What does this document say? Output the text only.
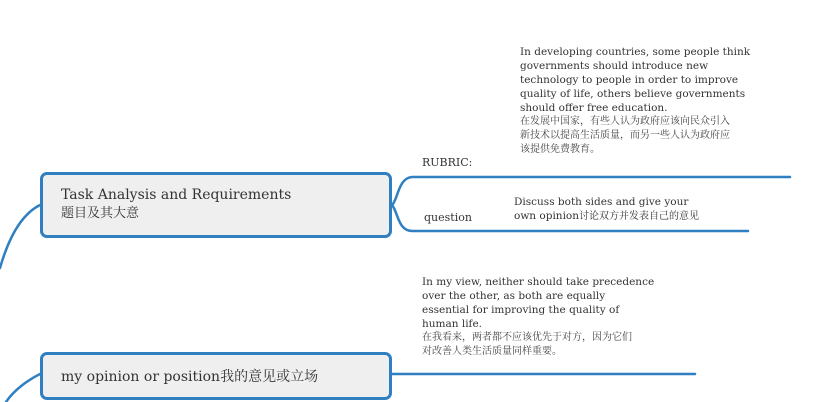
Task Analysis and Requirements
题目及其大意
RUBRIC:
In developing countries, some people think
governments should introduce new
technology to people in order to improve
quality of life, others believe governments
should offer free education.
在发展中国家，有些人认为政府应该向民众引入
新技术以提高生活质量，而另一些人认为政府应
该提供免费教育。
question
Discuss both sides and give your
own opinion讨论双方并发表自己的意见
my opinion or position我的意见或立场
In my view, neither should take precedence
over the other, as both are equally
essential for improving the quality of
human life.
在我看来，两者都不应该优先于对方，因为它们
对改善人类生活质量同样重要。
